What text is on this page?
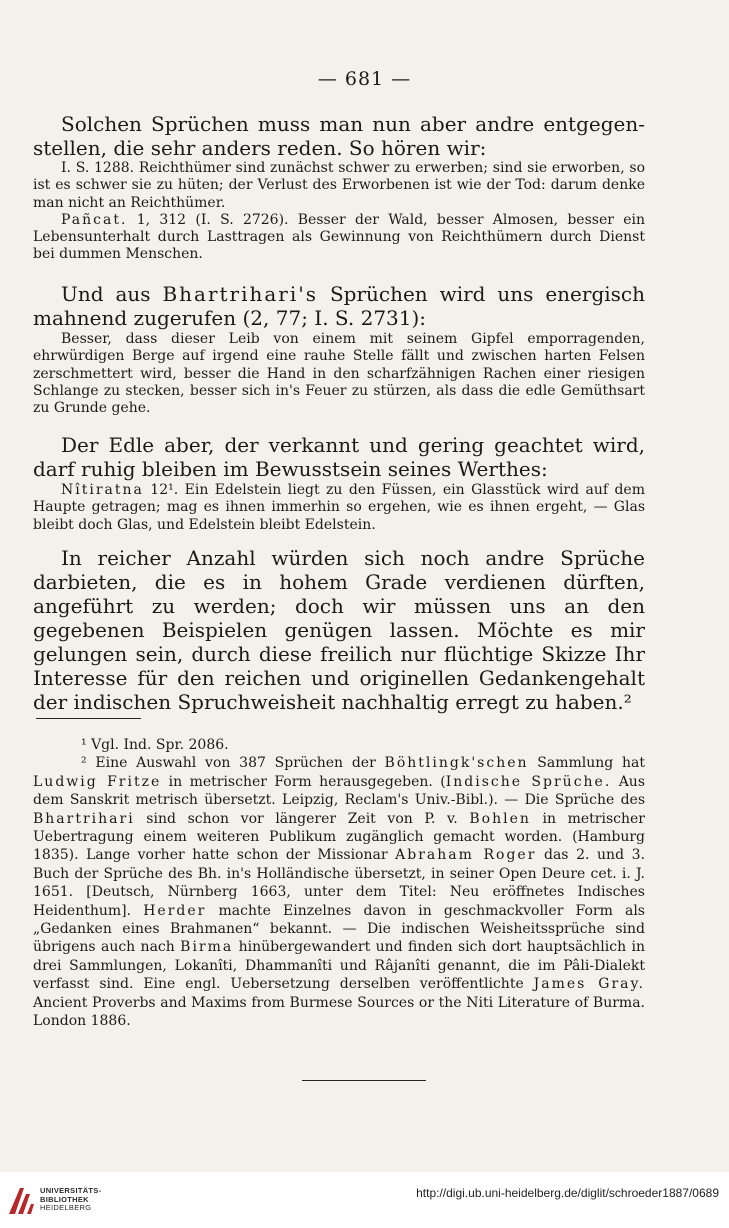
— 681 —

Solchen Sprüchen muss man nun aber andre entgegen-stellen, die sehr anders reden. So hören wir:

I. S. 1288. Reichthümer sind zunächst schwer zu erwerben; sind sie erworben, so ist es schwer sie zu hüten; der Verlust des Erworbenen ist wie der Tod: darum denke man nicht an Reichthümer.

Pañcat. 1, 312 (I. S. 2726). Besser der Wald, besser Almosen, besser ein Lebensunterhalt durch Lasttragen als Gewinnung von Reichthümern durch Dienst bei dummen Menschen.

Und aus Bhartrihari's Sprüchen wird uns energisch mahnend zugerufen (2, 77; I. S. 2731):

Besser, dass dieser Leib von einem mit seinem Gipfel emporragenden, ehrwürdigen Berge auf irgend eine rauhe Stelle fällt und zwischen harten Felsen zerschmettert wird, besser die Hand in den scharfzähnigen Rachen einer riesigen Schlange zu stecken, besser sich in's Feuer zu stürzen, als dass die edle Gemüthsart zu Grunde gehe.

Der Edle aber, der verkannt und gering geachtet wird, darf ruhig bleiben im Bewusstsein seines Werthes:

Nîtiratna 12¹. Ein Edelstein liegt zu den Füssen, ein Glasstück wird auf dem Haupte getragen; mag es ihnen immerhin so ergehen, wie es ihnen ergeht, — Glas bleibt doch Glas, und Edelstein bleibt Edelstein.

In reicher Anzahl würden sich noch andre Sprüche darbieten, die es in hohem Grade verdienen dürften, angeführt zu werden; doch wir müssen uns an den gegebenen Beispielen genügen lassen. Möchte es mir gelungen sein, durch diese freilich nur flüchtige Skizze Ihr Interesse für den reichen und originellen Gedankengehalt der indischen Spruchweisheit nachhaltig erregt zu haben.²

¹ Vgl. Ind. Spr. 2086.

² Eine Auswahl von 387 Sprüchen der Böhtlingk'schen Sammlung hat Ludwig Fritze in metrischer Form herausgegeben. (Indische Sprüche. Aus dem Sanskrit metrisch übersetzt. Leipzig, Reclam's Univ.-Bibl.). — Die Sprüche des Bhartrihari sind schon vor längerer Zeit von P. v. Bohlen in metrischer Uebertragung einem weiteren Publikum zugänglich gemacht worden. (Hamburg 1835). Lange vorher hatte schon der Missionar Abraham Roger das 2. und 3. Buch der Sprüche des Bh. in's Holländische übersetzt, in seiner Open Deure cet. i. J. 1651. [Deutsch, Nürnberg 1663, unter dem Titel: Neu eröffnetes Indisches Heidenthum]. Herder machte Einzelnes davon in geschmackvoller Form als „Gedanken eines Brahmanen“ bekannt. — Die indischen Weisheitssprüche sind übrigens auch nach Birma hinübergewandert und finden sich dort hauptsächlich in drei Sammlungen, Lokanîti, Dhammanîti und Râjanîti genannt, die im Pâli-Dialekt verfasst sind. Eine engl. Uebersetzung derselben veröffentlichte James Gray. Ancient Proverbs and Maxims from Burmese Sources or the Niti Literature of Burma. London 1886.

UNIVERSITÄTS-
BIBLIOTHEK
HEIDELBERG
http://digi.ub.uni-heidelberg.de/diglit/schroeder1887/0689
